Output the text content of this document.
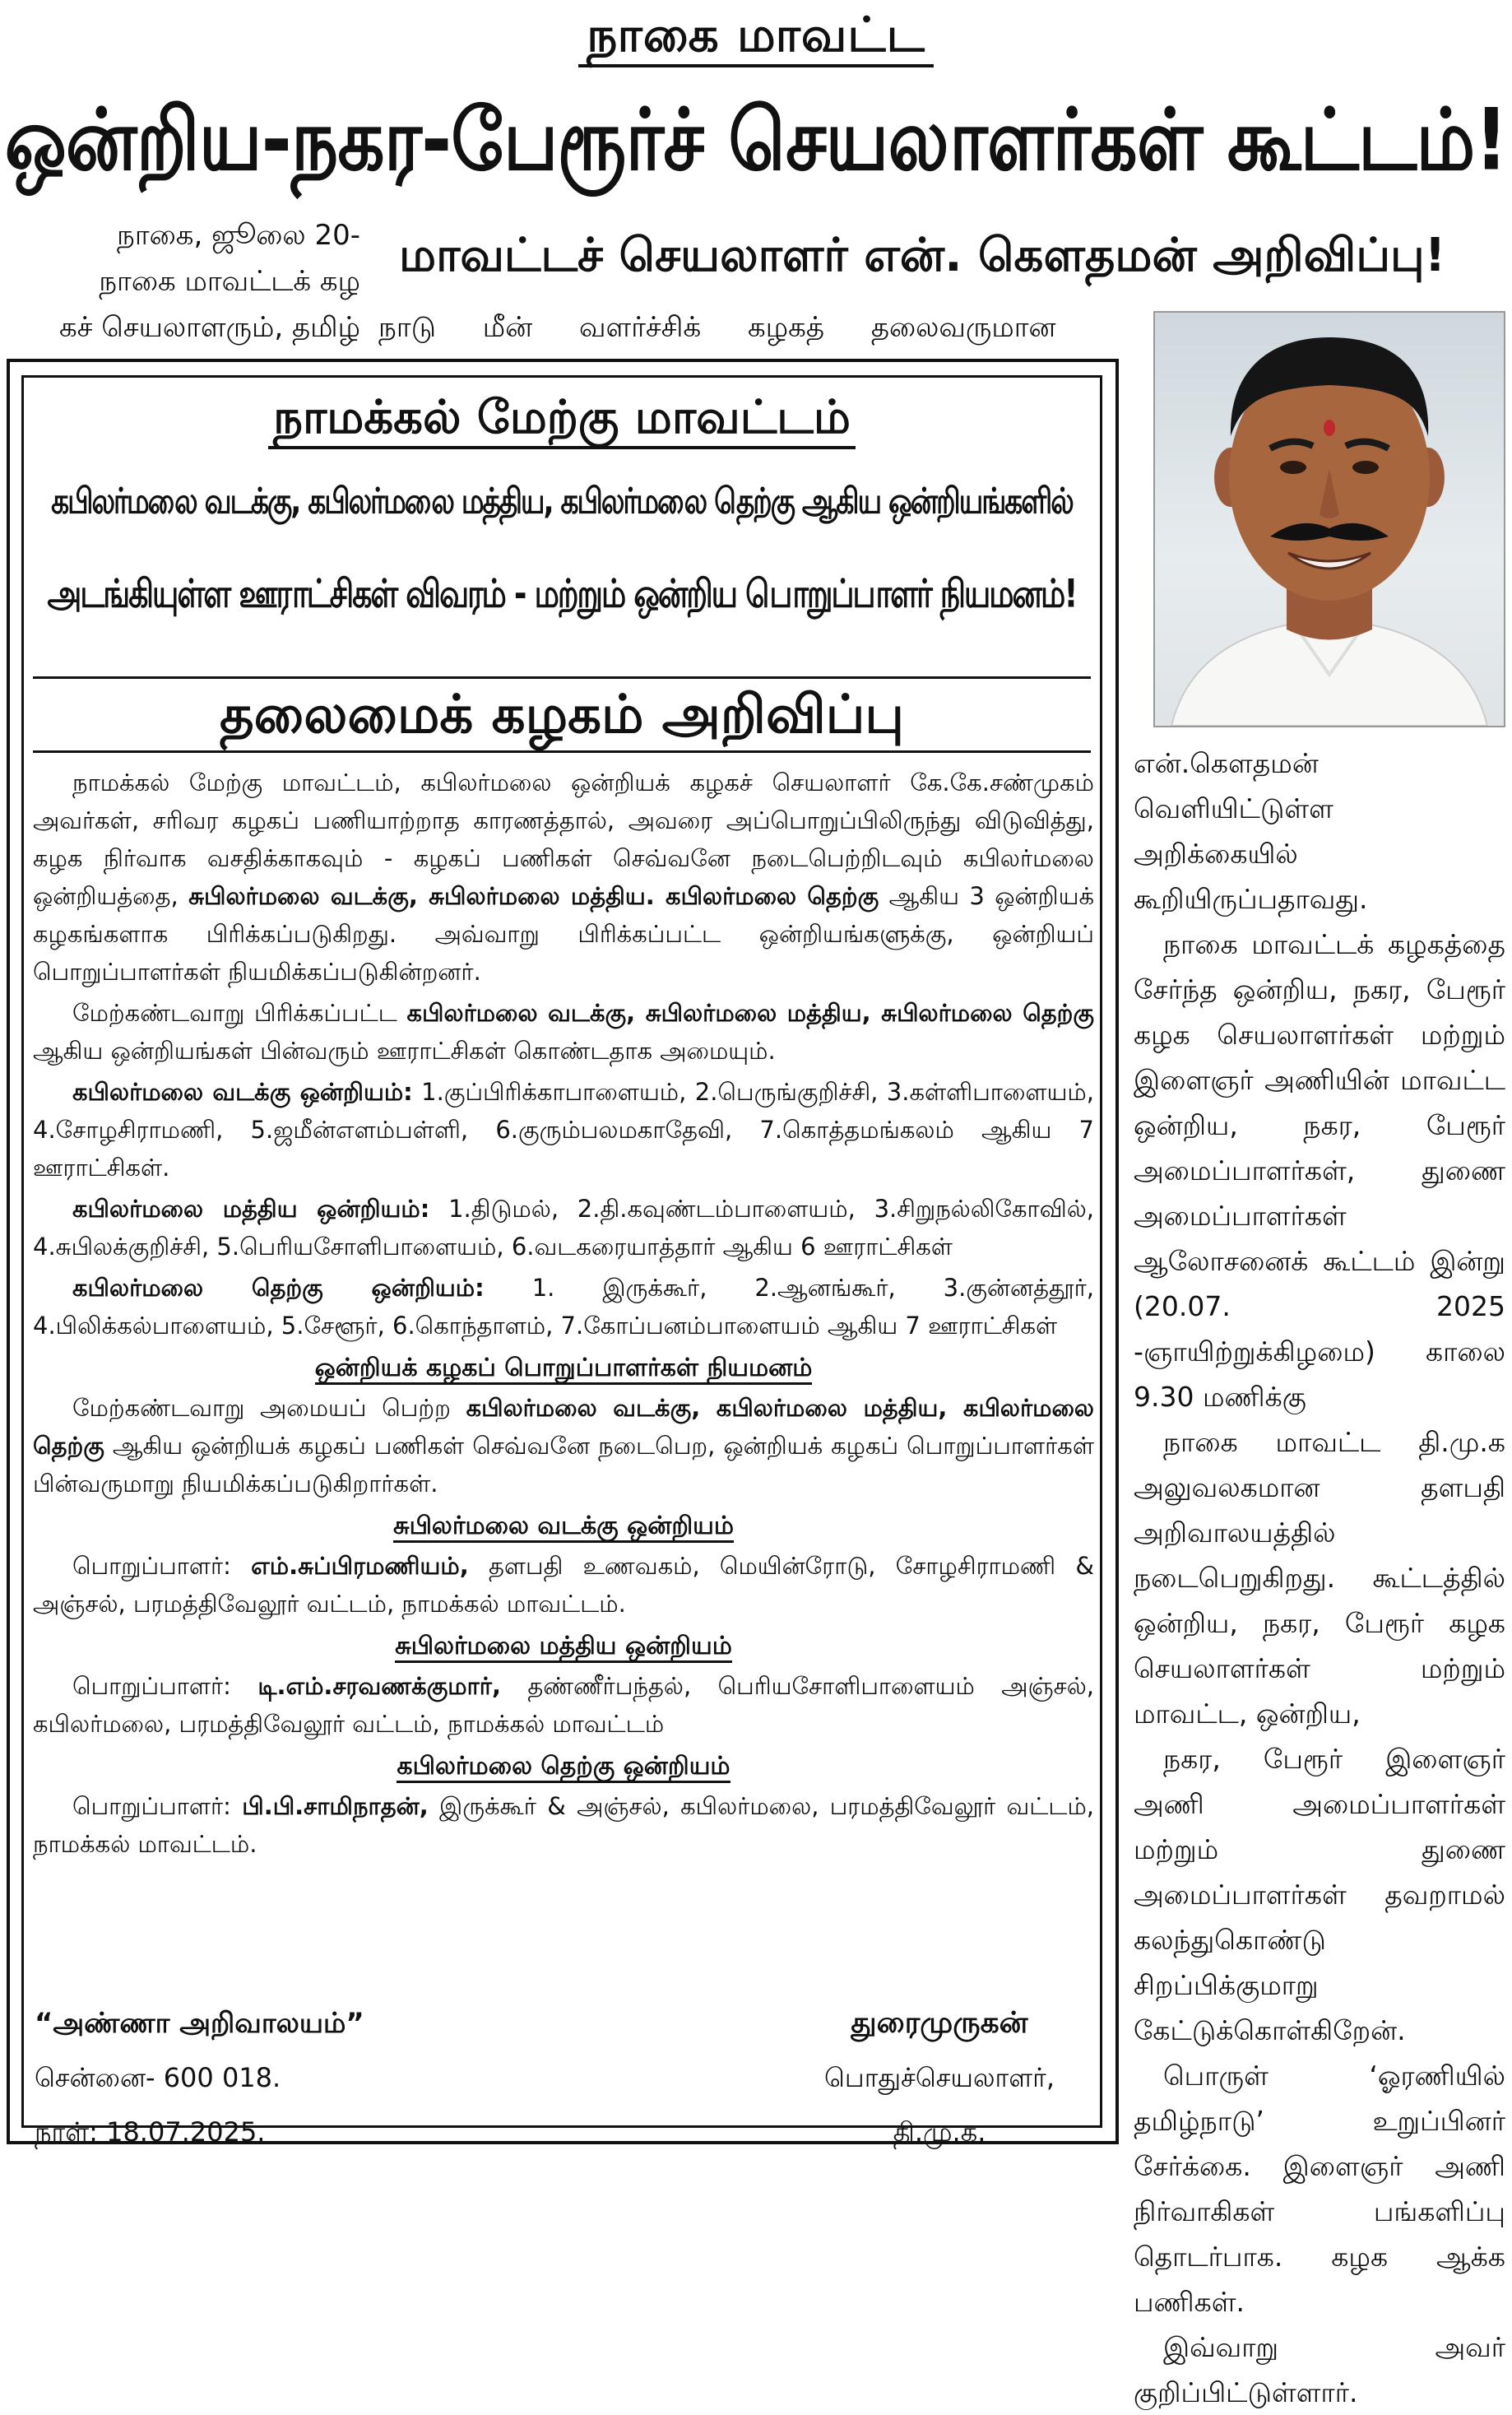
நாகை மாவட்ட
ஒன்றிய-நகர-பேரூர்ச் செயலாளர்கள் கூட்டம்!
நாகை, ஜூலை 20-
நாகை மாவட்டக் கழ
கச் செயலாளரும், தமிழ்
மாவட்டச் செயலாளர் என். கௌதமன் அறிவிப்பு!
நாடு மீன் வளர்ச்சிக் கழகத் தலைவருமான
நாமக்கல் மேற்கு மாவட்டம்
கபிலர்மலை வடக்கு, கபிலர்மலை மத்திய, கபிலர்மலை தெற்கு ஆகிய ஒன்றியங்களில்
அடங்கியுள்ள ஊராட்சிகள் விவரம் - மற்றும் ஒன்றிய பொறுப்பாளர் நியமனம்!
தலைமைக் கழகம் அறிவிப்பு

நாமக்கல் மேற்கு மாவட்டம், கபிலர்மலை ஒன்றியக் கழகச் செயலாளர் கே.கே.சண்முகம் அவர்கள், சரிவர கழகப் பணியாற்றாத காரணத்தால், அவரை அப்பொறுப்பிலிருந்து விடுவித்து, கழக நிர்வாக வசதிக்காகவும் - கழகப் பணிகள் செவ்வனே நடைபெற்றிடவும் கபிலர்மலை ஒன்றியத்தை, சுபிலர்மலை வடக்கு, சுபிலர்மலை மத்திய. கபிலர்மலை தெற்கு ஆகிய 3 ஒன்றியக் கழகங்களாக பிரிக்கப்படுகிறது. அவ்வாறு பிரிக்கப்பட்ட ஒன்றியங்களுக்கு, ஒன்றியப் பொறுப்பாளர்கள் நியமிக்கப்படுகின்றனர்.

மேற்கண்டவாறு பிரிக்கப்பட்ட கபிலர்மலை வடக்கு, சுபிலர்மலை மத்திய, சுபிலர்மலை தெற்கு ஆகிய ஒன்றியங்கள் பின்வரும் ஊராட்சிகள் கொண்டதாக அமையும்.

கபிலர்மலை வடக்கு ஒன்றியம்: 1.குப்பிரிக்காபாளையம், 2.பெருங்குறிச்சி, 3.கள்ளிபாளையம், 4.சோழசிராமணி, 5.ஜமீன்எளம்பள்ளி, 6.குரும்பலமகாதேவி, 7.கொத்தமங்கலம் ஆகிய 7 ஊராட்சிகள்.

கபிலர்மலை மத்திய ஒன்றியம்: 1.திடுமல், 2.தி.கவுண்டம்பாளையம், 3.சிறுநல்லிகோவில், 4.சுபிலக்குறிச்சி, 5.பெரியசோளிபாளையம், 6.வடகரையாத்தார் ஆகிய 6 ஊராட்சிகள்

கபிலர்மலை தெற்கு ஒன்றியம்: 1. இருக்கூர், 2.ஆனங்கூர், 3.குன்னத்தூர், 4.பிலிக்கல்பாளையம், 5.சேளூர், 6.கொந்தாளம், 7.கோப்பனம்பாளையம் ஆகிய 7 ஊராட்சிகள்

ஒன்றியக் கழகப் பொறுப்பாளர்கள் நியமனம்

மேற்கண்டவாறு அமையப் பெற்ற கபிலர்மலை வடக்கு, கபிலர்மலை மத்திய, கபிலர்மலை தெற்கு ஆகிய ஒன்றியக் கழகப் பணிகள் செவ்வனே நடைபெற, ஒன்றியக் கழகப் பொறுப்பாளர்கள் பின்வருமாறு நியமிக்கப்படுகிறார்கள்.

சுபிலர்மலை வடக்கு ஒன்றியம்

பொறுப்பாளர்: எம்.சுப்பிரமணியம், தளபதி உணவகம், மெயின்ரோடு, சோழசிராமணி & அஞ்சல், பரமத்திவேலூர் வட்டம், நாமக்கல் மாவட்டம்.

சுபிலர்மலை மத்திய ஒன்றியம்

பொறுப்பாளர்: டி.எம்.சரவணக்குமார், தண்ணீர்பந்தல், பெரியசோளிபாளையம் அஞ்சல், கபிலர்மலை, பரமத்திவேலூர் வட்டம், நாமக்கல் மாவட்டம்

கபிலர்மலை தெற்கு ஒன்றியம்

பொறுப்பாளர்: பி.பி.சாமிநாதன், இருக்கூர் & அஞ்சல், கபிலர்மலை, பரமத்திவேலூர் வட்டம், நாமக்கல் மாவட்டம்.

“அண்ணா அறிவாலயம்”
சென்னை- 600 018.
நாள்: 18.07.2025.
துரைமுருகன்
பொதுச்செயலாளர்,
தி.மு.க.

என்.கௌதமன் வெளியிட்டுள்ள அறிக்கையில் கூறியிருப்பதாவது.

நாகை மாவட்டக் கழகத்தை சேர்ந்த ஒன்றிய, நகர, பேரூர் கழக செயலாளர்கள் மற்றும் இளைஞர் அணியின் மாவட்ட ஒன்றிய, நகர, பேரூர் அமைப்பாளர்கள், துணை அமைப்பாளர்கள் ஆலோசனைக் கூட்டம் இன்று (20.07. 2025 -ஞாயிற்றுக்கிழமை) காலை 9.30 மணிக்கு

நாகை மாவட்ட தி.மு.க அலுவலகமான தளபதி அறிவாலயத்தில் நடைபெறுகிறது. கூட்டத்தில் ஒன்றிய, நகர, பேரூர் கழக செயலாளர்கள் மற்றும் மாவட்ட, ஒன்றிய,

நகர, பேரூர் இளைஞர் அணி அமைப்பாளர்கள் மற்றும் துணை அமைப்பாளர்கள் தவறாமல் கலந்துகொண்டு சிறப்பிக்குமாறு கேட்டுக்கொள்கிறேன்.

பொருள் ‘ஓரணியில் தமிழ்நாடு’ உறுப்பினர் சேர்க்கை. இளைஞர் அணி நிர்வாகிகள் பங்களிப்பு தொடர்பாக. கழக ஆக்க பணிகள்.

இவ்வாறு அவர் குறிப்பிட்டுள்ளார்.
